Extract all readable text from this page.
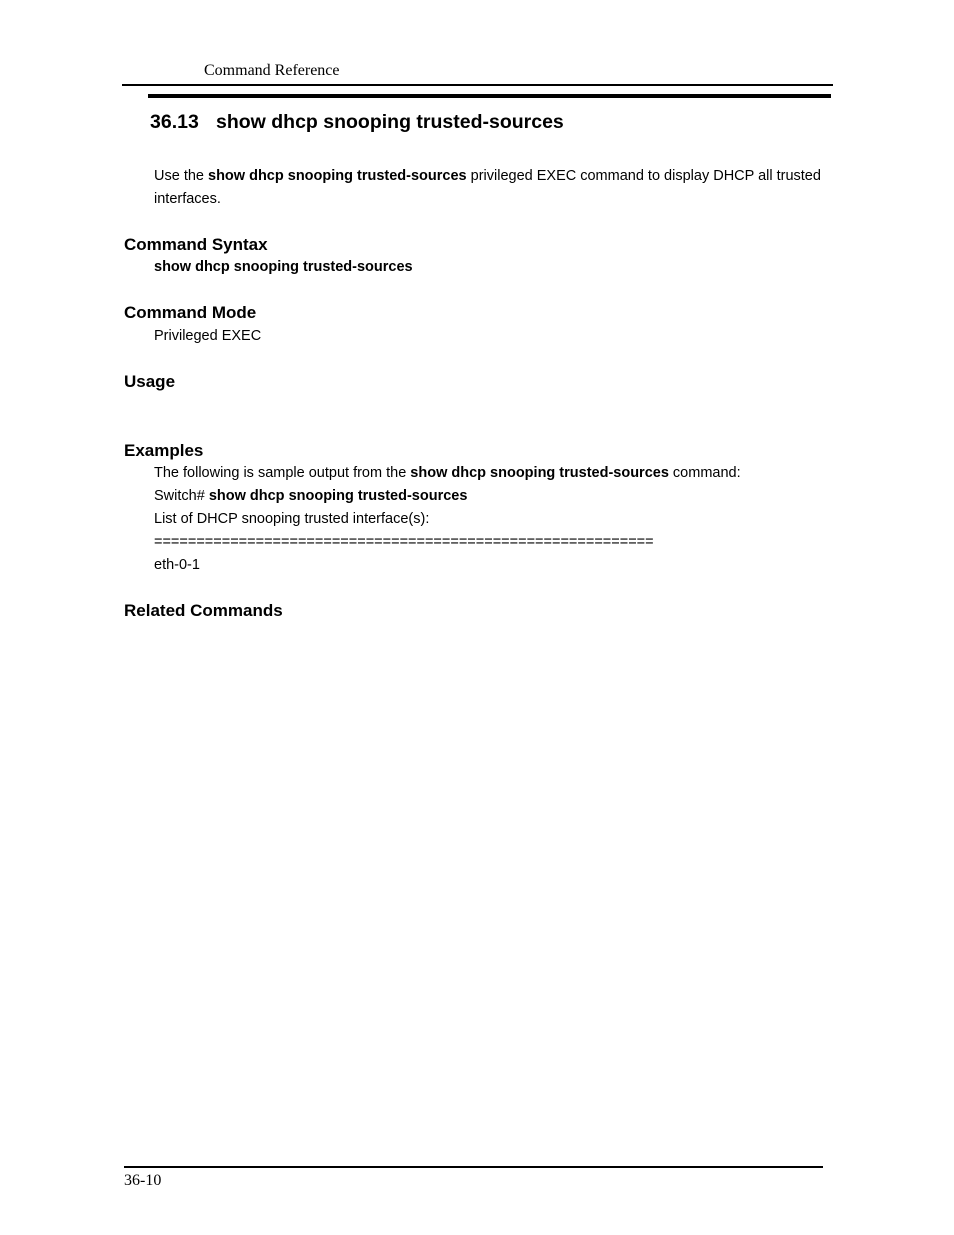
Command Reference
36.13 show dhcp snooping trusted-sources
Use the show dhcp snooping trusted-sources privileged EXEC command to display DHCP all trusted interfaces.
Command Syntax
show dhcp snooping trusted-sources
Command Mode
Privileged EXEC
Usage
Examples
The following is sample output from the show dhcp snooping trusted-sources command:
Switch# show dhcp snooping trusted-sources
List of DHCP snooping trusted interface(s):
===========================================================
eth-0-1
Related Commands
36-10
